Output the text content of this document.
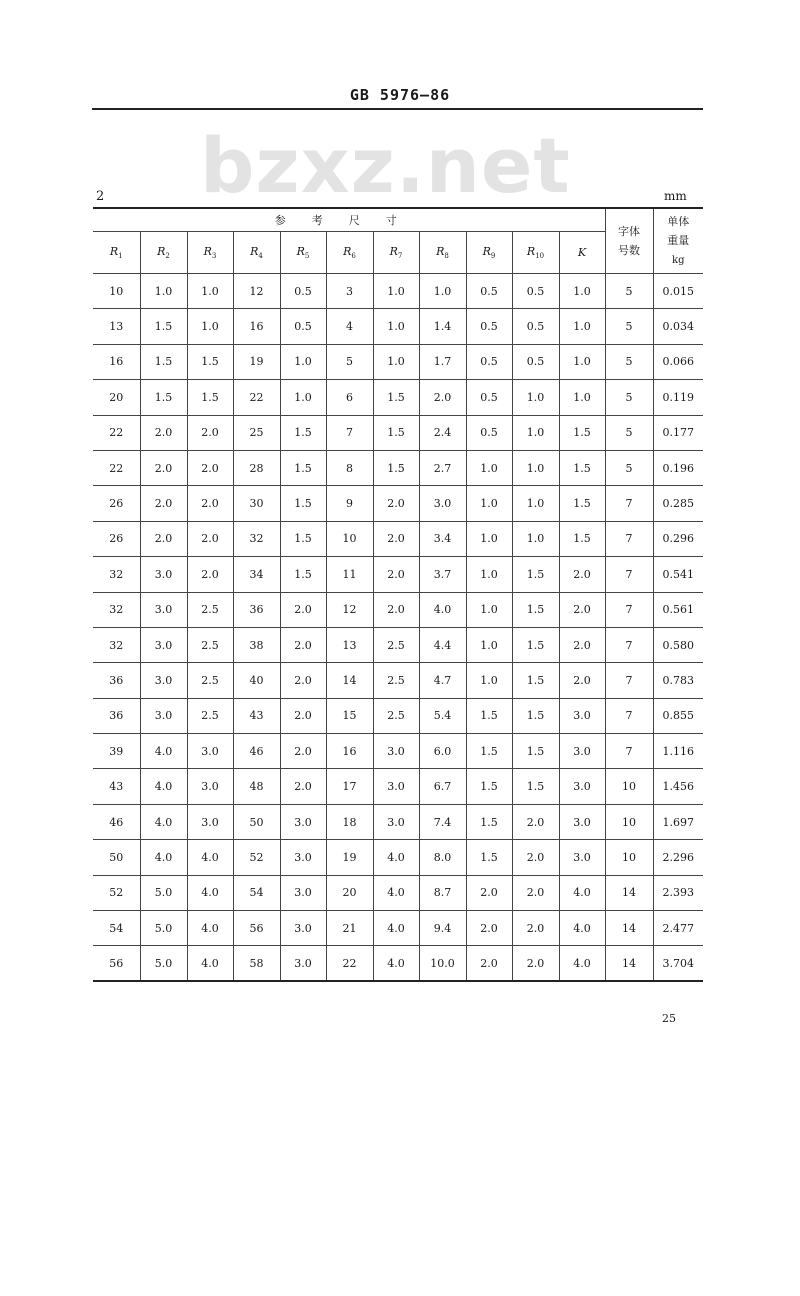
GB 5976—86
bzxz.net
2	mm
参考尺寸											字体
号数	单体
重量
kg
$R_1$	$R_2$	$R_3$	$R_4$	$R_5$	$R_6$	$R_7$	$R_8$	$R_9$	$R_{10}$	K		
10	1.0	1.0	12	0.5	3	1.0	1.0	0.5	0.5	1.0	5	0.015
13	1.5	1.0	16	0.5	4	1.0	1.4	0.5	0.5	1.0	5	0.034
16	1.5	1.5	19	1.0	5	1.0	1.7	0.5	0.5	1.0	5	0.066
20	1.5	1.5	22	1.0	6	1.5	2.0	0.5	1.0	1.0	5	0.119
22	2.0	2.0	25	1.5	7	1.5	2.4	0.5	1.0	1.5	5	0.177
22	2.0	2.0	28	1.5	8	1.5	2.7	1.0	1.0	1.5	5	0.196
26	2.0	2.0	30	1.5	9	2.0	3.0	1.0	1.0	1.5	7	0.285
26	2.0	2.0	32	1.5	10	2.0	3.4	1.0	1.0	1.5	7	0.296
32	3.0	2.0	34	1.5	11	2.0	3.7	1.0	1.5	2.0	7	0.541
32	3.0	2.5	36	2.0	12	2.0	4.0	1.0	1.5	2.0	7	0.561
32	3.0	2.5	38	2.0	13	2.5	4.4	1.0	1.5	2.0	7	0.580
36	3.0	2.5	40	2.0	14	2.5	4.7	1.0	1.5	2.0	7	0.783
36	3.0	2.5	43	2.0	15	2.5	5.4	1.5	1.5	3.0	7	0.855
39	4.0	3.0	46	2.0	16	3.0	6.0	1.5	1.5	3.0	7	1.116
43	4.0	3.0	48	2.0	17	3.0	6.7	1.5	1.5	3.0	10	1.456
46	4.0	3.0	50	3.0	18	3.0	7.4	1.5	2.0	3.0	10	1.697
50	4.0	4.0	52	3.0	19	4.0	8.0	1.5	2.0	3.0	10	2.296
52	5.0	4.0	54	3.0	20	4.0	8.7	2.0	2.0	4.0	14	2.393
54	5.0	4.0	56	3.0	21	4.0	9.4	2.0	2.0	4.0	14	2.477
56	5.0	4.0	58	3.0	22	4.0	10.0	2.0	2.0	4.0	14	3.704
25
